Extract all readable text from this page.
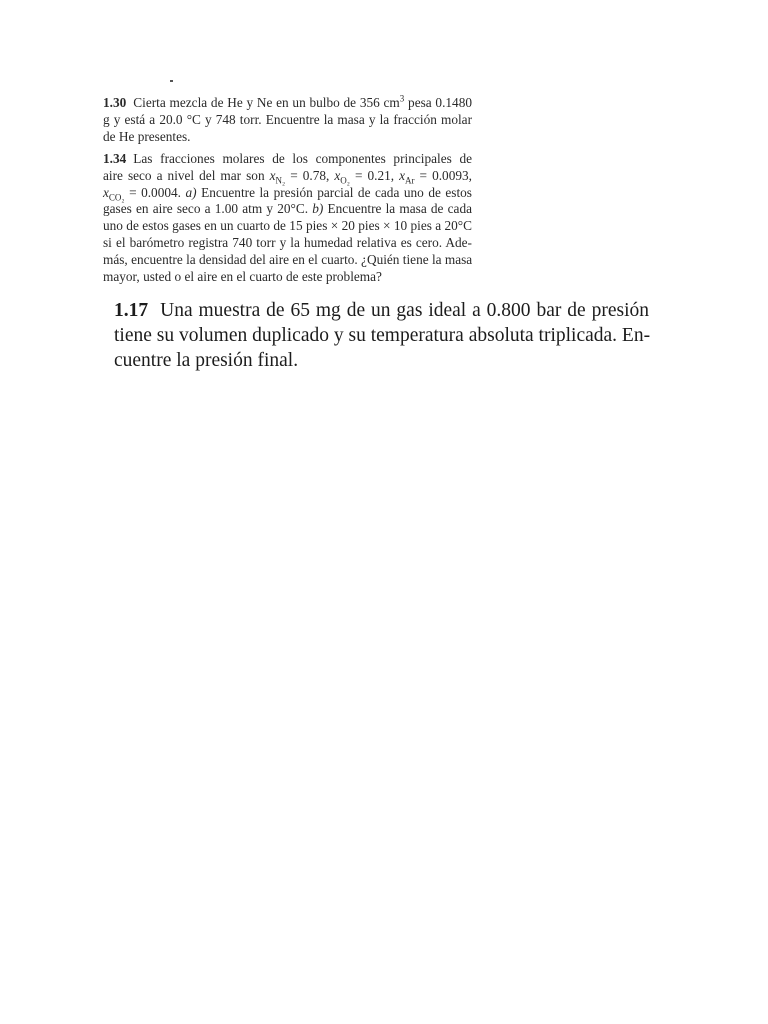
1.30 Cierta mezcla de He y Ne en un bulbo de 356 $cm^3$ pesa 0.1480
g y está a 20.0 °C y 748 torr. Encuentre la masa y la fracción molar
de He presentes.
1.34 Las fracciones molares de los componentes principales de
aire seco a nivel del mar son $x_{N_2} = 0.78$, $x_{O_2} = 0.21$, $x_{Ar} = 0.0093$,
$x_{CO_2} = 0.0004$. a) Encuentre la presión parcial de cada uno de estos
gases en aire seco a 1.00 atm y 20°C. b) Encuentre la masa de cada
uno de estos gases en un cuarto de 15 pies × 20 pies × 10 pies a 20°C
si el barómetro registra 740 torr y la humedad relativa es cero. Ade-
más, encuentre la densidad del aire en el cuarto. ¿Quién tiene la masa
mayor, usted o el aire en el cuarto de este problema?
1.17 Una muestra de 65 mg de un gas ideal a 0.800 bar de presión
tiene su volumen duplicado y su temperatura absoluta triplicada. En-
cuentre la presión final.
